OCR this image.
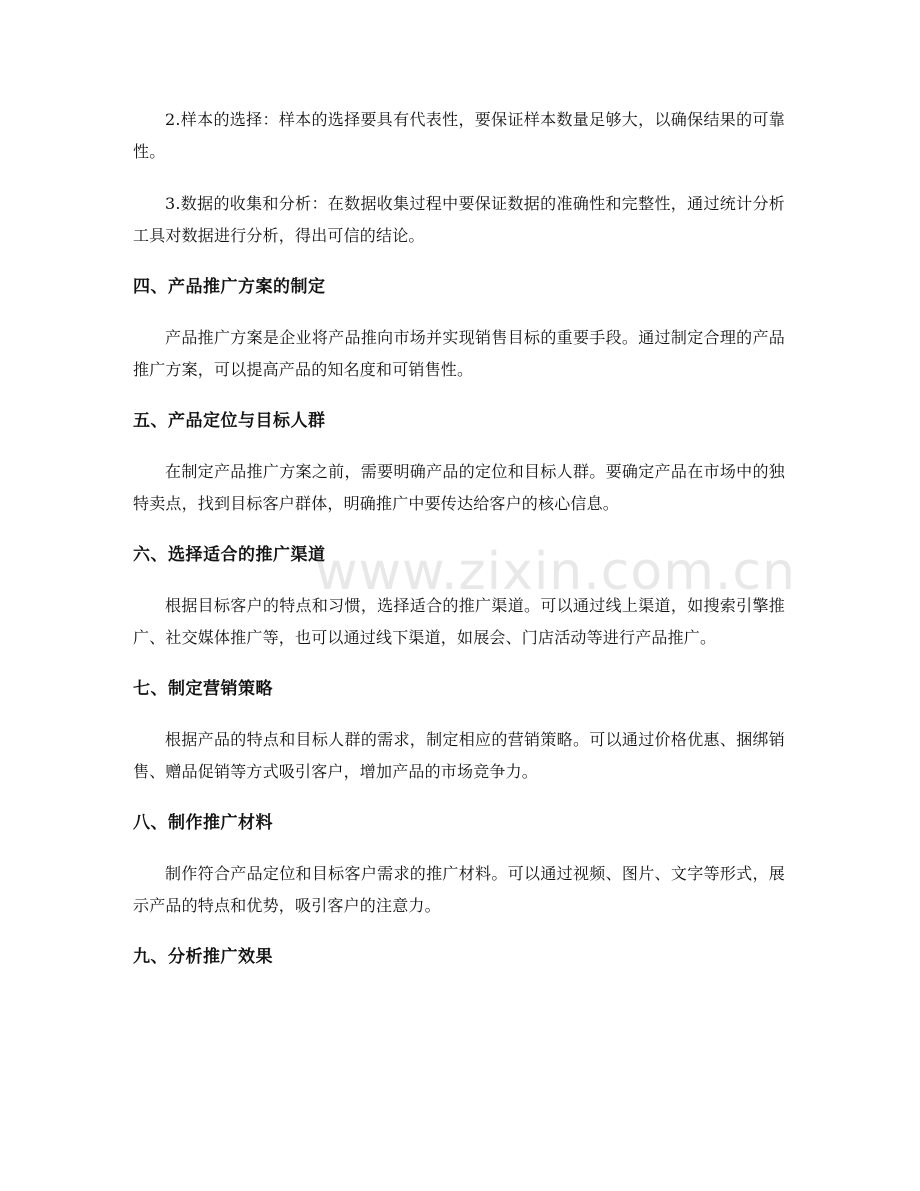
2.样本的选择：样本的选择要具有代表性，要保证样本数量足够大，以确保结果的可靠性。

3.数据的收集和分析：在数据收集过程中要保证数据的准确性和完整性，通过统计分析工具对数据进行分析，得出可信的结论。

四、产品推广方案的制定

产品推广方案是企业将产品推向市场并实现销售目标的重要手段。通过制定合理的产品推广方案，可以提高产品的知名度和可销售性。

五、产品定位与目标人群

在制定产品推广方案之前，需要明确产品的定位和目标人群。要确定产品在市场中的独特卖点，找到目标客户群体，明确推广中要传达给客户的核心信息。

六、选择适合的推广渠道

根据目标客户的特点和习惯，选择适合的推广渠道。可以通过线上渠道，如搜索引擎推广、社交媒体推广等，也可以通过线下渠道，如展会、门店活动等进行产品推广。

七、制定营销策略

根据产品的特点和目标人群的需求，制定相应的营销策略。可以通过价格优惠、捆绑销售、赠品促销等方式吸引客户，增加产品的市场竞争力。

八、制作推广材料

制作符合产品定位和目标客户需求的推广材料。可以通过视频、图片、文字等形式，展示产品的特点和优势，吸引客户的注意力。

九、分析推广效果
www.zixin.com.cn
